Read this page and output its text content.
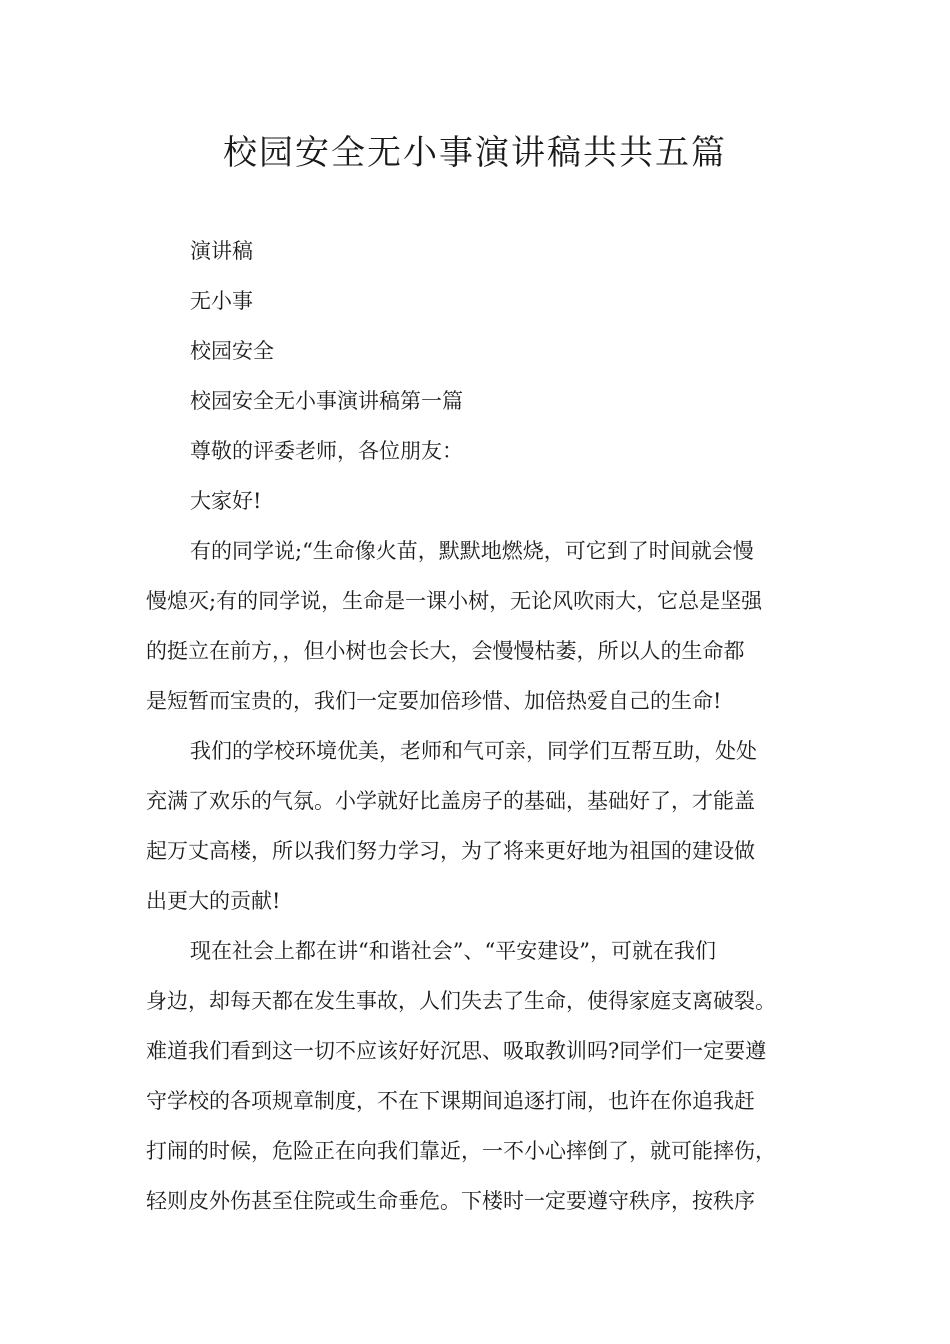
校园安全无小事演讲稿共共五篇

演讲稿

无小事

校园安全

校园安全无小事演讲稿第一篇

尊敬的评委老师，各位朋友：

大家好!

有的同学说;“生命像火苗，默默地燃烧，可它到了时间就会慢

慢熄灭;有的同学说，生命是一课小树，无论风吹雨大，它总是坚强

的挺立在前方，，但小树也会长大，会慢慢枯萎，所以人的生命都

是短暂而宝贵的，我们一定要加倍珍惜、加倍热爱自己的生命!

我们的学校环境优美，老师和气可亲，同学们互帮互助，处处

充满了欢乐的气氛。小学就好比盖房子的基础，基础好了，才能盖

起万丈高楼，所以我们努力学习，为了将来更好地为祖国的建设做

出更大的贡献!

现在社会上都在讲“和谐社会”、“平安建设”，可就在我们

身边，却每天都在发生事故，人们失去了生命，使得家庭支离破裂。

难道我们看到这一切不应该好好沉思、吸取教训吗?同学们一定要遵

守学校的各项规章制度，不在下课期间追逐打闹，也许在你追我赶

打闹的时候，危险正在向我们靠近，一不小心摔倒了，就可能摔伤，

轻则皮外伤甚至住院或生命垂危。下楼时一定要遵守秩序，按秩序
